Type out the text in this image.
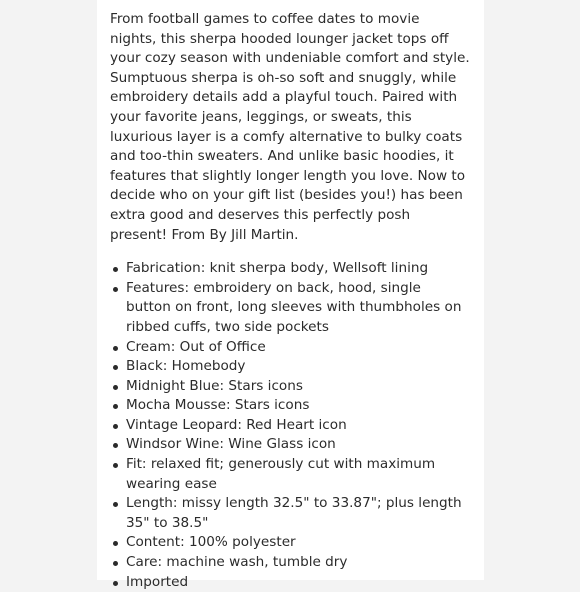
From football games to coffee dates to movie nights, this sherpa hooded lounger jacket tops off your cozy season with undeniable comfort and style. Sumptuous sherpa is oh-so soft and snuggly, while embroidery details add a playful touch. Paired with your favorite jeans, leggings, or sweats, this luxurious layer is a comfy alternative to bulky coats and too-thin sweaters. And unlike basic hoodies, it features that slightly longer length you love. Now to decide who on your gift list (besides you!) has been extra good and deserves this perfectly posh present! From By Jill Martin.

Fabrication: knit sherpa body, Wellsoft lining
Features: embroidery on back, hood, single button on front, long sleeves with thumbholes on ribbed cuffs, two side pockets
Cream: Out of Office
Black: Homebody
Midnight Blue: Stars icons
Mocha Mousse: Stars icons
Vintage Leopard: Red Heart icon
Windsor Wine: Wine Glass icon
Fit: relaxed fit; generously cut with maximum wearing ease
Length: missy length 32.5" to 33.87"; plus length 35" to 38.5"
Content: 100% polyester
Care: machine wash, tumble dry
Imported
